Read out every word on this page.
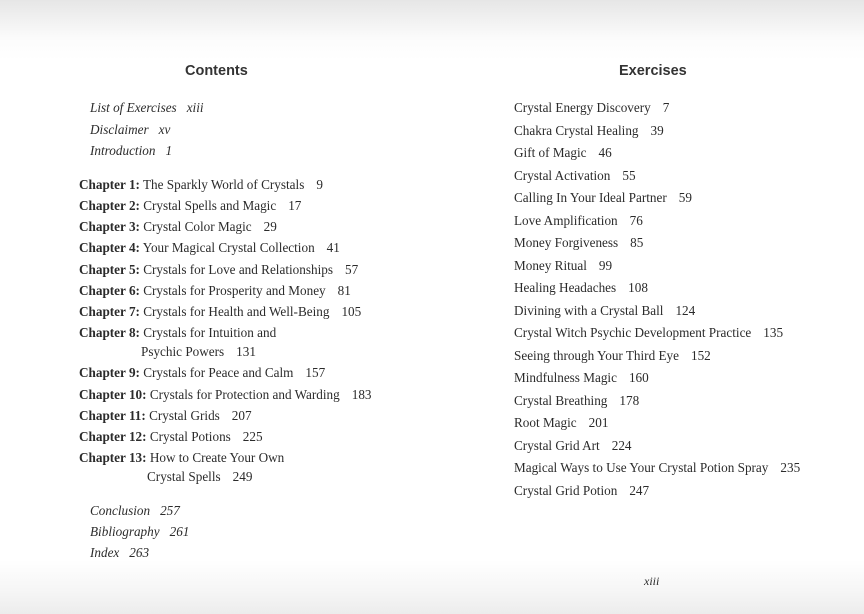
Contents	Exercises
List of Exercises xiii
Disclaimer xv
Introduction 1
Chapter 1: The Sparkly World of Crystals 9
Chapter 2: Crystal Spells and Magic 17
Chapter 3: Crystal Color Magic 29
Chapter 4: Your Magical Crystal Collection 41
Chapter 5: Crystals for Love and Relationships 57
Chapter 6: Crystals for Prosperity and Money 81
Chapter 7: Crystals for Health and Well-Being 105
Chapter 8: Crystals for Intuition and
Psychic Powers 131
Chapter 9: Crystals for Peace and Calm 157
Chapter 10: Crystals for Protection and Warding 183
Chapter 11: Crystal Grids 207
Chapter 12: Crystal Potions 225
Chapter 13: How to Create Your Own
Crystal Spells 249
Conclusion 257
Bibliography 261
Index 263
Crystal Energy Discovery 7
Chakra Crystal Healing 39
Gift of Magic 46
Crystal Activation 55
Calling In Your Ideal Partner 59
Love Amplification 76
Money Forgiveness 85
Money Ritual 99
Healing Headaches 108
Divining with a Crystal Ball 124
Crystal Witch Psychic Development Practice 135
Seeing through Your Third Eye 152
Mindfulness Magic 160
Crystal Breathing 178
Root Magic 201
Crystal Grid Art 224
Magical Ways to Use Your Crystal Potion Spray 235
Crystal Grid Potion 247
xiii
